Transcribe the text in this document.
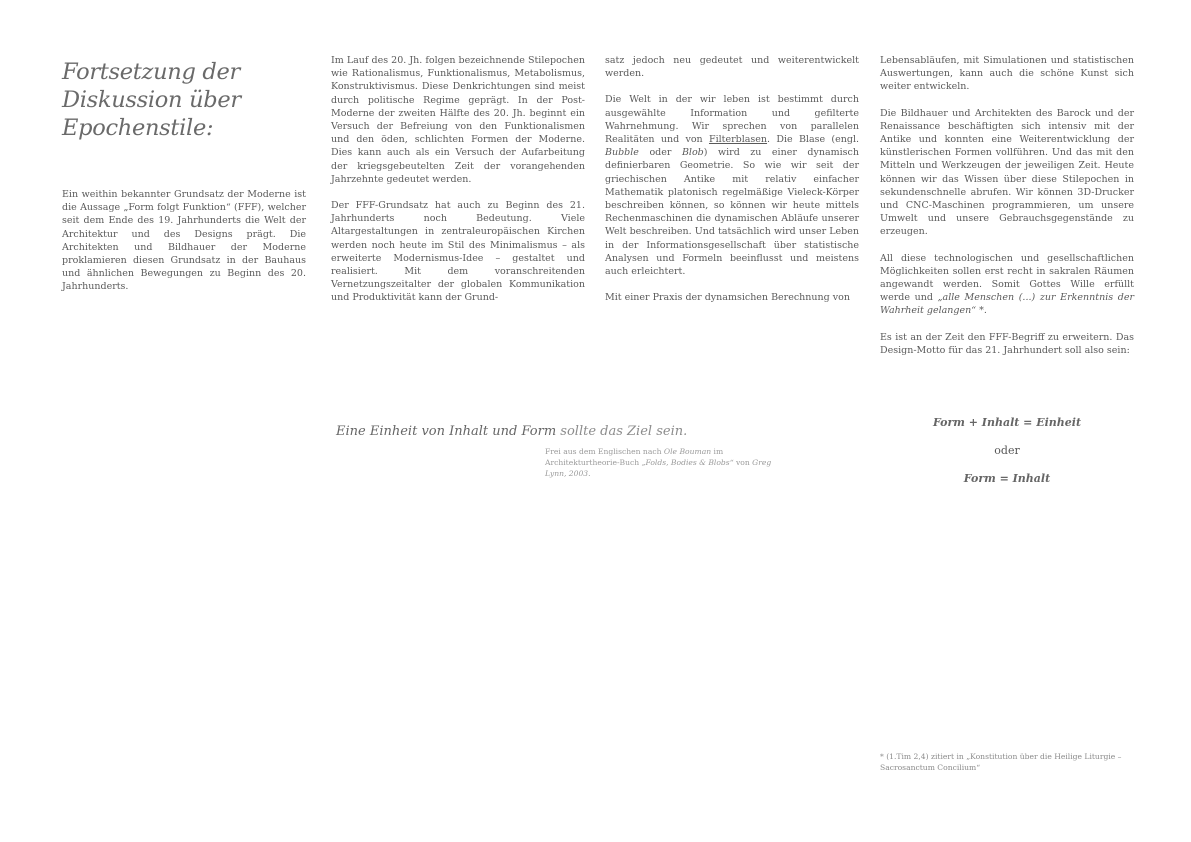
Fortsetzung der
Diskussion über
Epochenstile:

Ein weithin bekannter Grundsatz der Moderne ist die Aussage „Form folgt Funktion“ (FFF), welcher seit dem Ende des 19. Jahrhunderts die Welt der Architektur und des Designs prägt. Die Architekten und Bildhauer der Moderne proklamieren diesen Grundsatz in der Bauhaus und ähnlichen Bewegungen zu Beginn des 20. Jahrhunderts.

Im Lauf des 20. Jh. folgen bezeichnende Stilepochen wie Rationalismus, Funktionalismus, Metabolismus, Konstruktivismus. Diese Denkrichtungen sind meist durch politische Regime geprägt. In der Post-Moderne der zweiten Hälfte des 20. Jh. beginnt ein Versuch der Befreiung von den Funktionalismen und den öden, schlichten Formen der Moderne. Dies kann auch als ein Versuch der Aufarbeitung der kriegsgebeutelten Zeit der vorangehenden Jahrzehnte gedeutet werden.

Der FFF-Grundsatz hat auch zu Beginn des 21. Jahrhunderts noch Bedeutung. Viele Altargestaltungen in zentraleuropäischen Kirchen werden noch heute im Stil des Minimalismus – als erweiterte Modernismus-Idee – gestaltet und realisiert. Mit dem voranschreitenden Vernetzungszeitalter der globalen Kommunikation und Produktivität kann der Grund-

satz jedoch neu gedeutet und weiterentwickelt werden.

Die Welt in der wir leben ist bestimmt durch ausgewählte Information und gefilterte Wahrnehmung. Wir sprechen von parallelen Realitäten und von Filterblasen. Die Blase (engl. Bubble oder Blob) wird zu einer dynamisch definierbaren Geometrie. So wie wir seit der griechischen Antike mit relativ einfacher Mathematik platonisch regelmäßige Vieleck-Körper beschreiben können, so können wir heute mittels Rechenmaschinen die dynamischen Abläufe unserer Welt beschreiben. Und tatsächlich wird unser Leben in der Informationsgesellschaft über statistische Analysen und Formeln beeinflusst und meistens auch erleichtert.

Mit einer Praxis der dynamsichen Berechnung von

Lebensabläufen, mit Simulationen und statistischen Auswertungen, kann auch die schöne Kunst sich weiter entwickeln.

Die Bildhauer und Architekten des Barock und der Renaissance beschäftigten sich intensiv mit der Antike und konnten eine Weiterentwicklung der künstlerischen Formen vollführen. Und das mit den Mitteln und Werkzeugen der jeweiligen Zeit. Heute können wir das Wissen über diese Stilepochen in sekundenschnelle abrufen. Wir können 3D-Drucker und CNC-Maschinen programmieren, um unsere Umwelt und unsere Gebrauchsgegenstände zu erzeugen.

All diese technologischen und gesellschaftlichen Möglichkeiten sollen erst recht in sakralen Räumen angewandt werden. Somit Gottes Wille erfüllt werde und „alle Menschen (...) zur Erkenntnis der Wahrheit gelangen“ *.

Es ist an der Zeit den FFF-Begriff zu erweitern. Das Design-Motto für das 21. Jahrhundert soll also sein:

Eine Einheit von Inhalt und Form sollte das Ziel sein.
Frei aus dem Englischen nach Ole Bouman im Architekturtheorie-Buch „Folds, Bodies & Blobs“ von Greg Lynn, 2003.
Form + Inhalt = Einheit
oder
Form = Inhalt
* (1.Tim 2,4) zitiert in „Konstitution über die Heilige Liturgie – Sacrosanctum Concilium“
